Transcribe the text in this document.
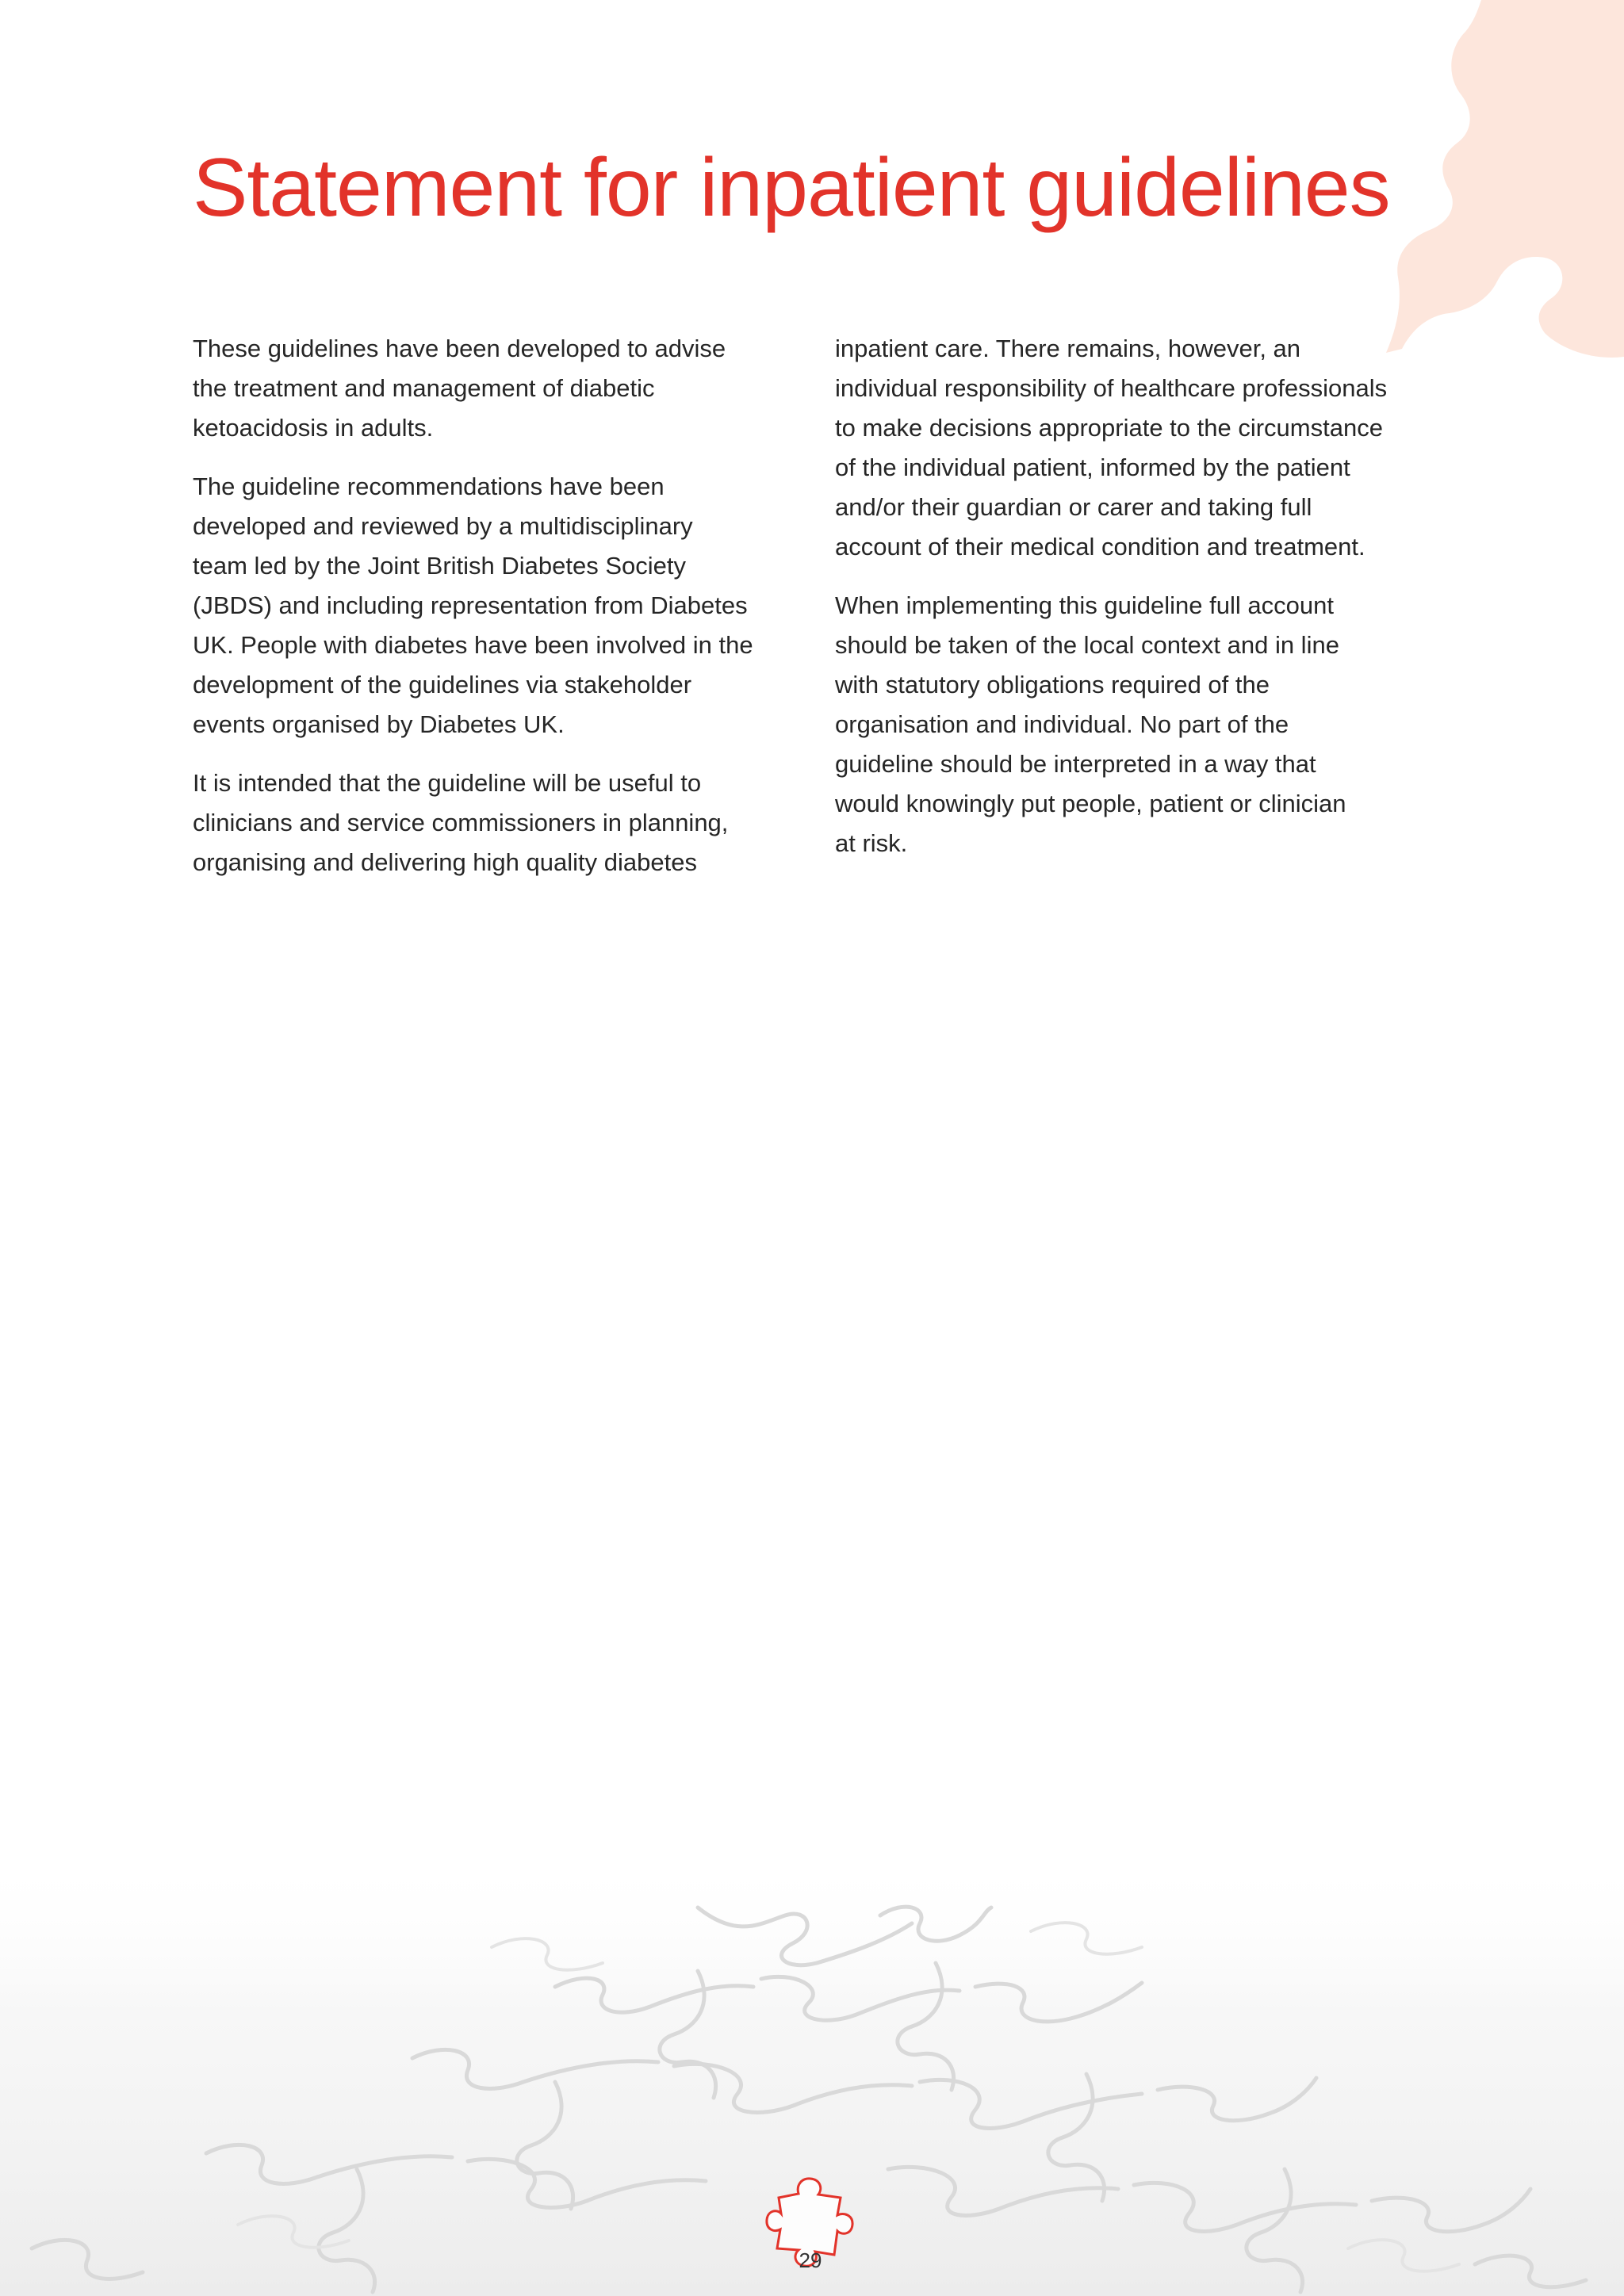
Statement for inpatient guidelines

These guidelines have been developed to advise
the treatment and management of diabetic
ketoacidosis in adults.

The guideline recommendations have been
developed and reviewed by a multidisciplinary
team led by the Joint British Diabetes Society
(JBDS) and including representation from Diabetes
UK. People with diabetes have been involved in the
development of the guidelines via stakeholder
events organised by Diabetes UK.

It is intended that the guideline will be useful to
clinicians and service commissioners in planning,
organising and delivering high quality diabetes

inpatient care. There remains, however, an
individual responsibility of healthcare professionals
to make decisions appropriate to the circumstance
of the individual patient, informed by the patient
and/or their guardian or carer and taking full
account of their medical condition and treatment.

When implementing this guideline full account
should be taken of the local context and in line
with statutory obligations required of the
organisation and individual. No part of the
guideline should be interpreted in a way that
would knowingly put people, patient or clinician
at risk.

29
